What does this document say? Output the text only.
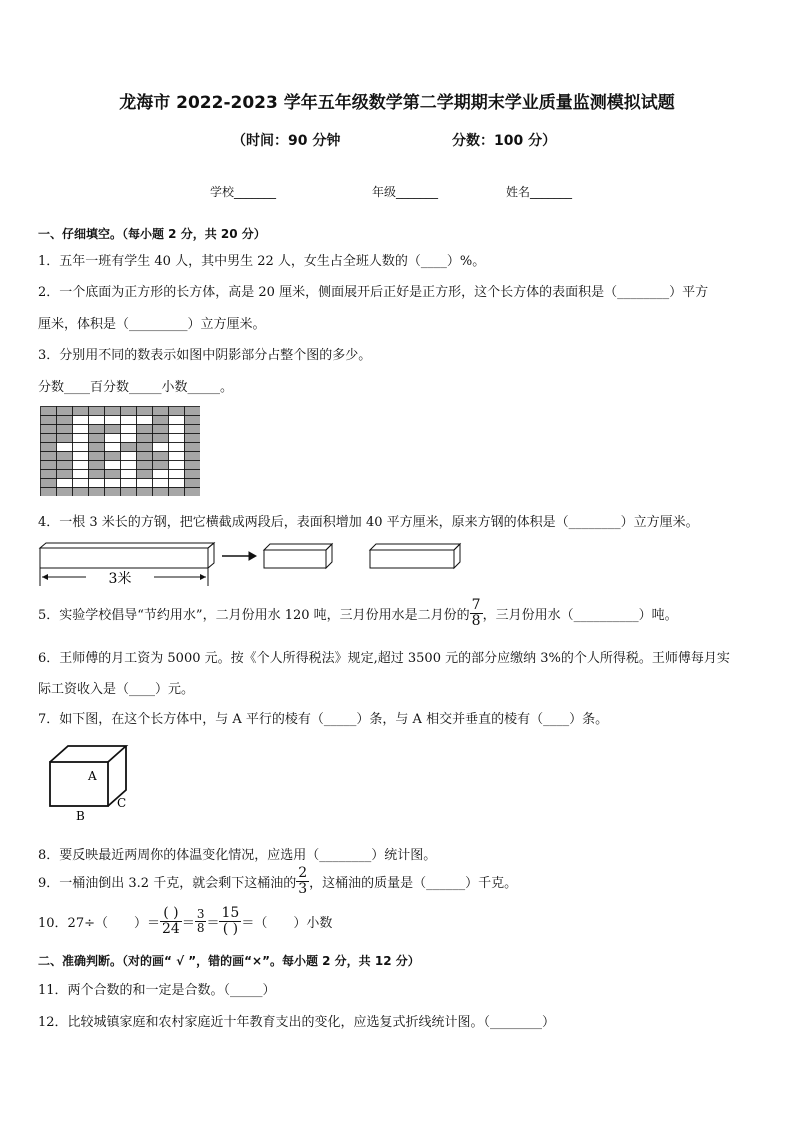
龙海市 2022-2023 学年五年级数学第二学期期末学业质量监测模拟试题
（时间：90 分钟	分数：100 分）
学校_______	年级_______	姓名_______
一、仔细填空。（每小题 2 分，共 20 分）
1．五年一班有学生 40 人，其中男生 22 人，女生占全班人数的（____）%。
2．一个底面为正方形的长方体，高是 20 厘米，侧面展开后正好是正方形，这个长方体的表面积是（________）平方
厘米，体积是（_________）立方厘米。
3．分别用不同的数表示如图中阴影部分占整个图的多少。
分数____百分数_____小数_____。
4．一根 3 米长的方钢，把它横截成两段后，表面积增加 40 平方厘米，原来方钢的体积是（________）立方厘米。
3米
5．实验学校倡导“节约用水”，二月份用水 120 吨，三月份用水是二月份的 $\frac{7}{8}$ ，三月份用水（__________）吨。
6．王师傅的月工资为 5000 元。按《个人所得税法》规定,超过 3500 元的部分应缴纳 3%的个人所得税。王师傅每月实
际工资收入是（____）元。
7．如下图，在这个长方体中，与 A 平行的棱有（_____）条，与 A 相交并垂直的棱有（____）条。
A
B
C
8．要反映最近两周你的体温变化情况，应选用（________）统计图。
9．一桶油倒出 3.2 千克，就会剩下这桶油的 $\frac{2}{3}$ ，这桶油的质量是（______）千克。
10．27÷（　　）＝ $\frac{( )}{24} = \frac{3}{8} = \frac{15}{( )}$ ＝（　　）小数
二、准确判断。（对的画“ √ ”，错的画“×”。每小题 2 分，共 12 分）
11．两个合数的和一定是合数。（_____）
12．比较城镇家庭和农村家庭近十年教育支出的变化，应选复式折线统计图。（________）
